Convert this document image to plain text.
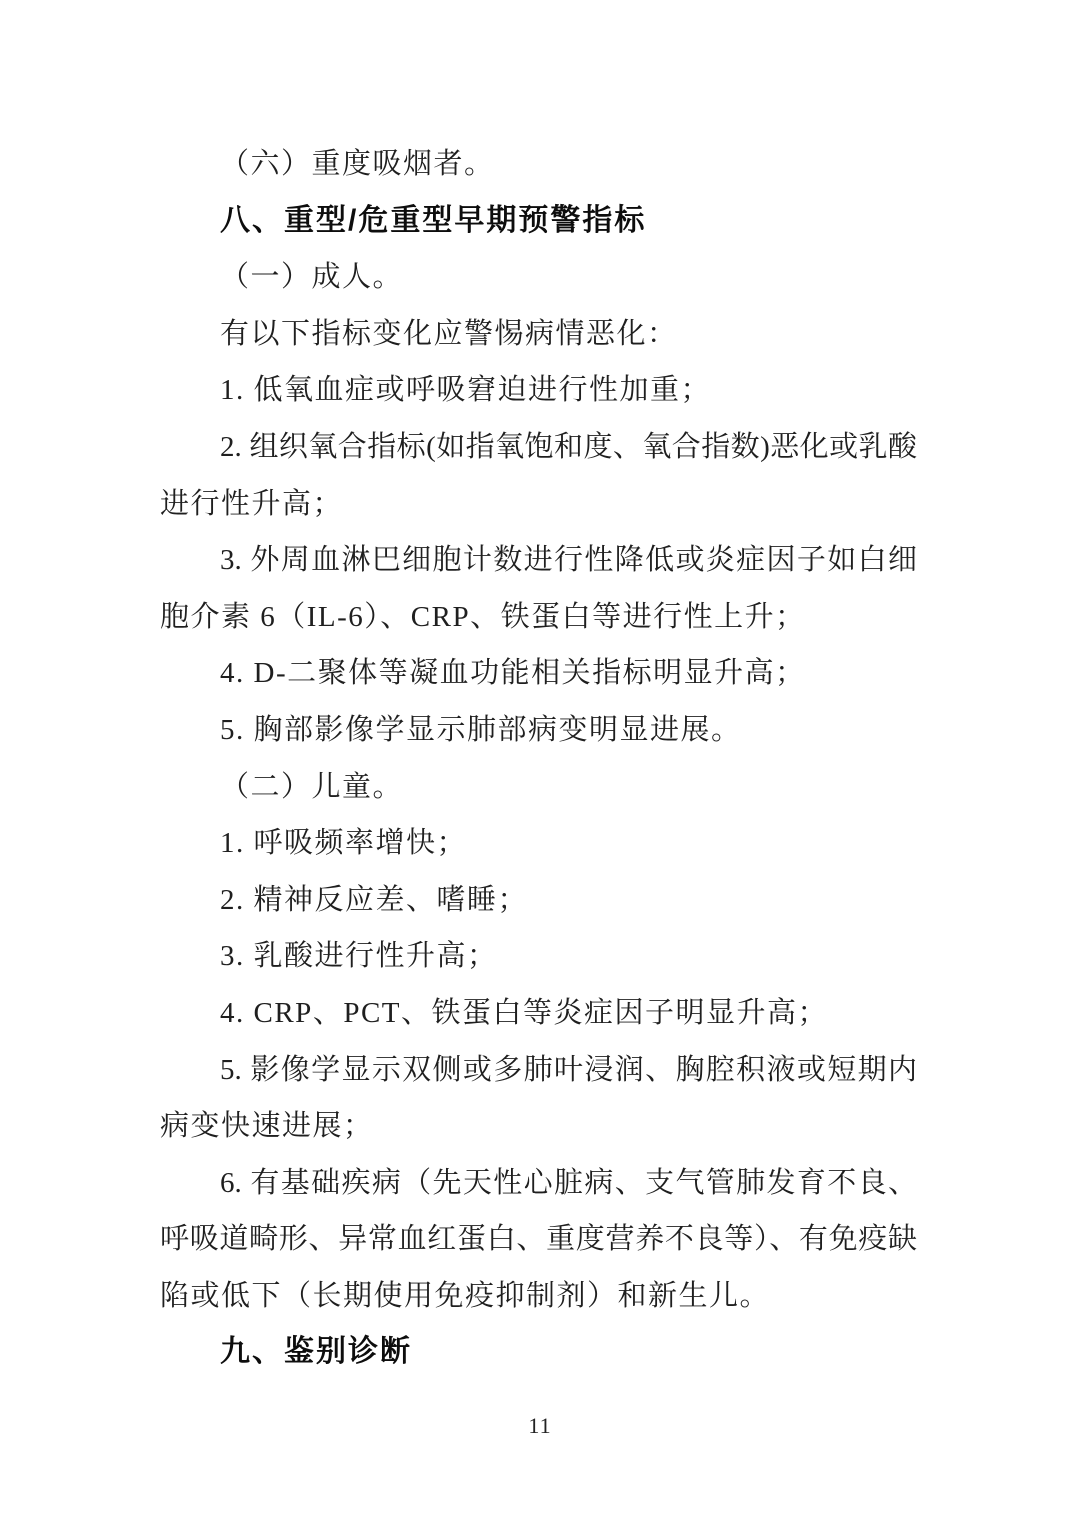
（六）重度吸烟者。
八、重型/危重型早期预警指标
（一）成人。
有以下指标变化应警惕病情恶化：
1. 低氧血症或呼吸窘迫进行性加重；
2. 组织氧合指标(如指氧饱和度、氧合指数)恶化或乳酸
进行性升高；
3. 外周血淋巴细胞计数进行性降低或炎症因子如白细
胞介素 6（IL-6）、CRP、铁蛋白等进行性上升；
4. D-二聚体等凝血功能相关指标明显升高；
5. 胸部影像学显示肺部病变明显进展。
（二）儿童。
1. 呼吸频率增快；
2. 精神反应差、嗜睡；
3. 乳酸进行性升高；
4. CRP、PCT、铁蛋白等炎症因子明显升高；
5. 影像学显示双侧或多肺叶浸润、胸腔积液或短期内
病变快速进展；
6. 有基础疾病（先天性心脏病、支气管肺发育不良、
呼吸道畸形、异常血红蛋白、重度营养不良等）、有免疫缺
陷或低下（长期使用免疫抑制剂）和新生儿。
九、鉴别诊断
11
